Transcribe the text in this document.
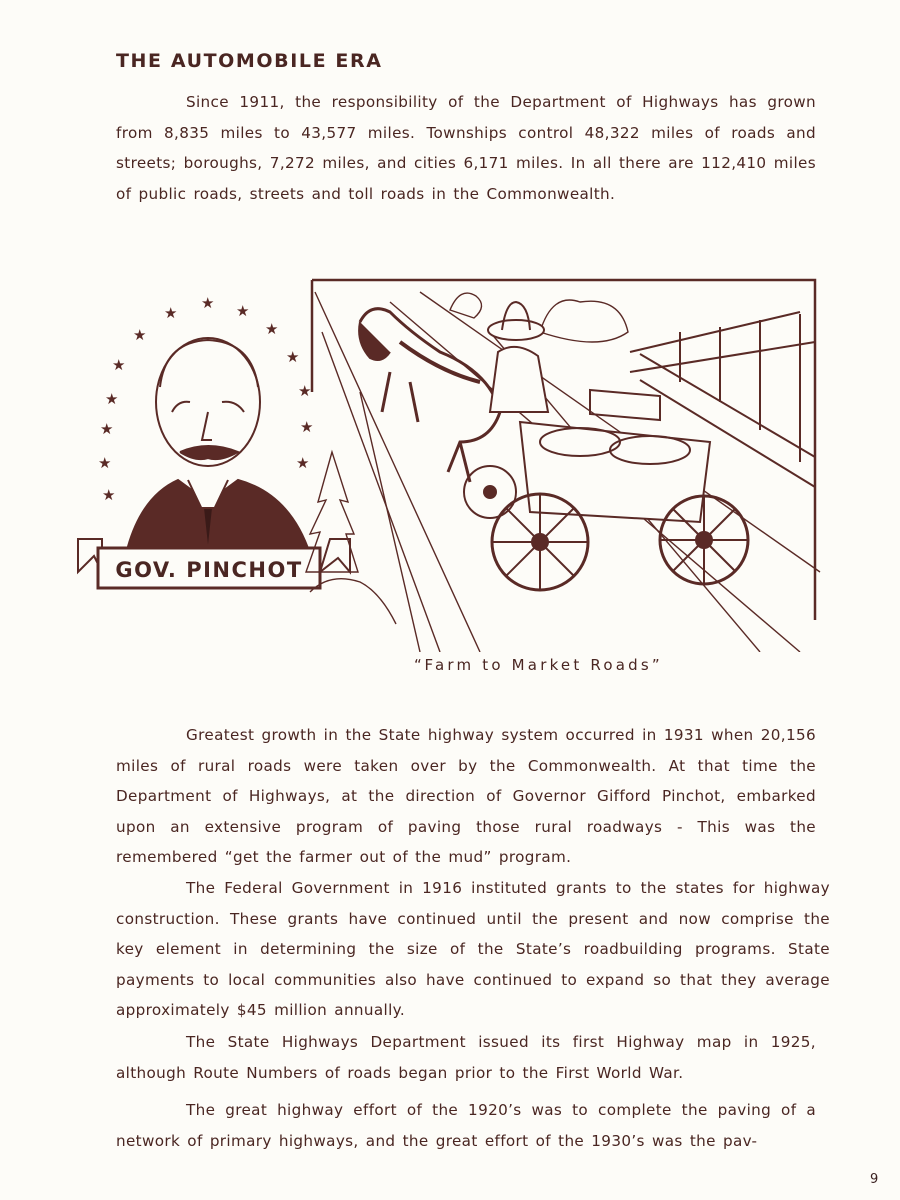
THE AUTOMOBILE ERA

Since 1911, the responsibility of the Department of Highways has grown from 8,835 miles to 43,577 miles. Townships control 48,322 miles of roads and streets; boroughs, 7,272 miles, and cities 6,171 miles. In all there are 112,410 miles of public roads, streets and toll roads in the Commonwealth.

★
★
★
★
★
★
★
★ ★
★
★
★
★
★
GOV. PINCHOT
“Farm to Market Roads”

Greatest growth in the State highway system occurred in 1931 when 20,156 miles of rural roads were taken over by the Commonwealth. At that time the Department of Highways, at the direction of Governor Gifford Pinchot, embarked upon an extensive program of paving those rural roadways - This was the remembered “get the farmer out of the mud” program.

The Federal Government in 1916 instituted grants to the states for highway construction. These grants have continued until the present and now comprise the key element in determining the size of the State’s roadbuilding programs. State payments to local communities also have continued to expand so that they average approximately $45 million annually.

The State Highways Department issued its first Highway map in 1925, although Route Numbers of roads began prior to the First World War.

The great highway effort of the 1920’s was to complete the paving of a network of primary highways, and the great effort of the 1930’s was the pav-

9
